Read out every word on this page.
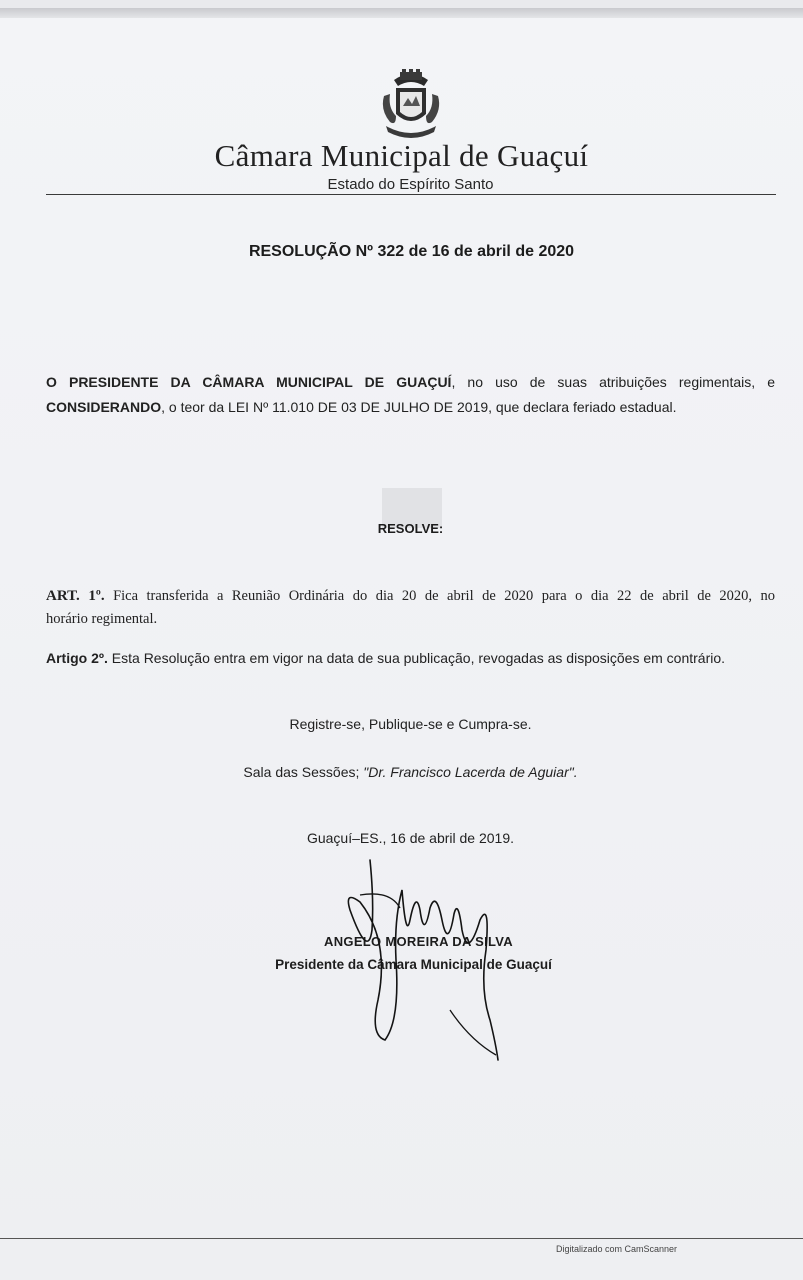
Câmara Municipal de Guaçuí
Estado do Espírito Santo
RESOLUÇÃO Nº 322 de 16 de abril de 2020
O PRESIDENTE DA CÂMARA MUNICIPAL DE GUAÇUÍ, no uso de suas atribuições regimentais, e
CONSIDERANDO, o teor da LEI Nº 11.010 DE 03 DE JULHO DE 2019, que declara feriado estadual.
RESOLVE:
ART. 1º. Fica transferida a Reunião Ordinária do dia 20 de abril de 2020 para o dia 22 de abril de 2020, no
horário regimental.
Artigo 2º. Esta Resolução entra em vigor na data de sua publicação, revogadas as disposições em contrário.
Registre-se, Publique-se e Cumpra-se.
Sala das Sessões; "Dr. Francisco Lacerda de Aguiar".
Guaçuí–ES., 16 de abril de 2019.
ANGELO MOREIRA DA SILVA
Presidente da Câmara Municipal de Guaçuí
Digitalizado com CamScanner
